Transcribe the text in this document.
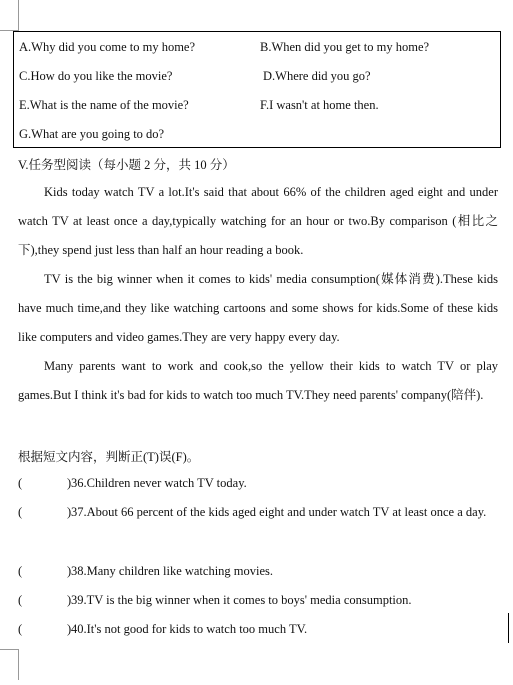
A.Why did you come to my home?	B.When did you get to my home?
C.How do you like the movie?	D.Where did you go?
E.What is the name of the movie?	F.I wasn't at home then.
G.What are you going to do?
V.任务型阅读（每小题 2 分，共 10 分）

Kids today watch TV a lot.It's said that about 66% of the children aged eight and under watch TV at least once a day,typically watching for an hour or two.By comparison (相比之下),they spend just less than half an hour reading a book.

TV is the big winner when it comes to kids' media consumption(媒体消费).These kids have much time,and they like watching cartoons and some shows for kids.Some of these kids like computers and video games.They are very happy every day.

Many parents want to work and cook,so the yellow their kids to watch TV or play games.But I think it's bad for kids to watch too much TV.They need parents' company(陪伴).

根据短文内容，判断正(T)误(F)。
(	) 36.Children never watch TV today.
(	) 37.About 66 percent of the kids aged eight and under watch TV at least once a day.

(	) 38.Many children like watching movies.
(	) 39.TV is the big winner when it comes to boys' media consumption.
(	) 40.It's not good for kids to watch too much TV.
